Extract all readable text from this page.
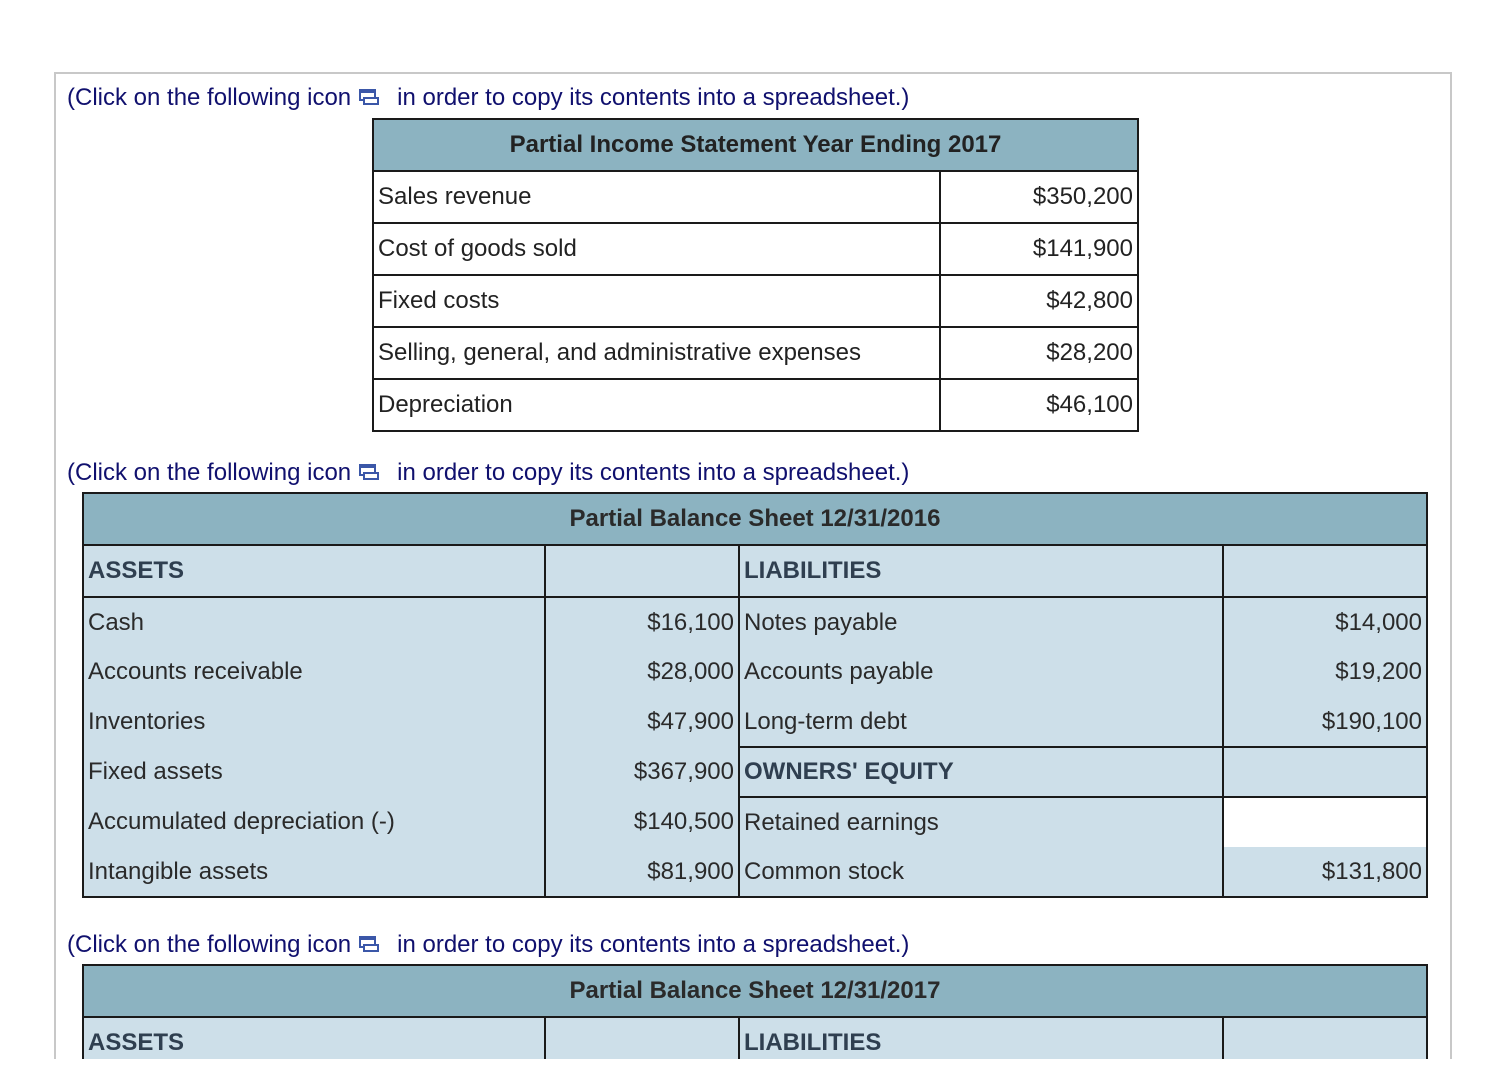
(Click on the following icon in order to copy its contents into a spreadsheet.)
Partial Income Statement Year Ending 2017	
Sales revenue	$350,200
Cost of goods sold	$141,900
Fixed costs	$42,800
Selling, general, and administrative expenses	$28,200
Depreciation	$46,100
(Click on the following icon in order to copy its contents into a spreadsheet.)
Partial Balance Sheet 12/31/2016			
ASSETS		LIABILITIES	
Cash	$16,100	Notes payable	$14,000
Accounts receivable	$28,000	Accounts payable	$19,200
Inventories	$47,900	Long-term debt	$190,100
Fixed assets	$367,900	OWNERS' EQUITY	
Accumulated depreciation (-)	$140,500	Retained earnings	
Intangible assets	$81,900	Common stock	$131,800
(Click on the following icon in order to copy its contents into a spreadsheet.)
Partial Balance Sheet 12/31/2017
ASSETS		LIABILITIES	
